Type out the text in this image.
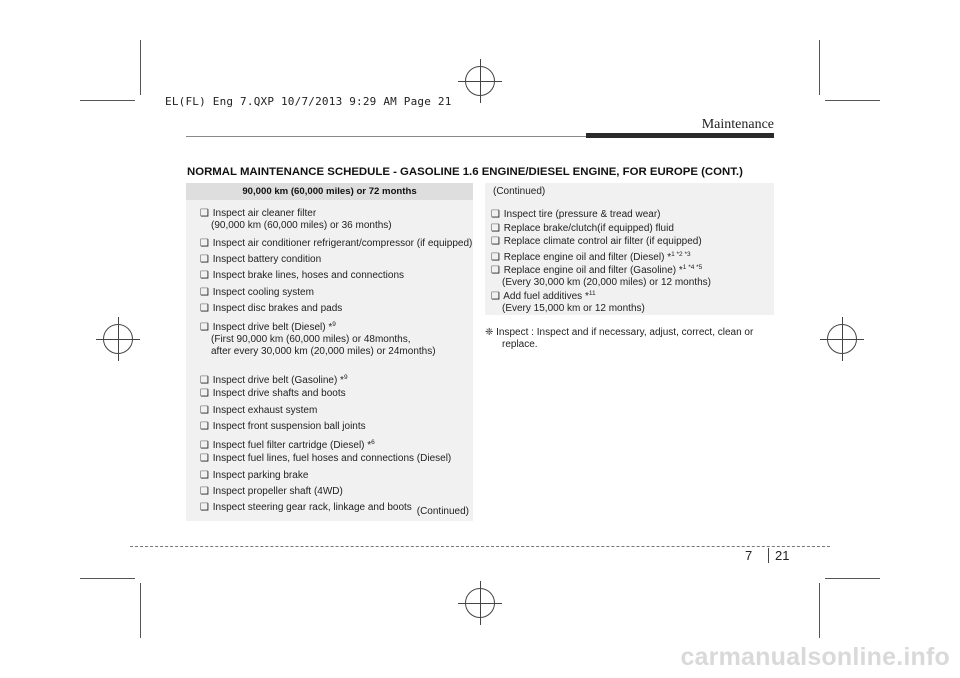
EL(FL) Eng 7.QXP 10/7/2013 9:29 AM Page 21
Maintenance
NORMAL MAINTENANCE SCHEDULE - GASOLINE 1.6 ENGINE/DIESEL ENGINE, FOR EUROPE (CONT.)
90,000 km (60,000 miles) or 72 months
❑ Inspect air cleaner filter
(90,000 km (60,000 miles) or 36 months)
❑ Inspect air conditioner refrigerant/compressor (if equipped)
❑ Inspect battery condition
❑ Inspect brake lines, hoses and connections
❑ Inspect cooling system
❑ Inspect disc brakes and pads
❑ Inspect drive belt (Diesel) *$^9$
(First 90,000 km (60,000 miles) or 48months,
after every 30,000 km (20,000 miles) or 24months)
❑ Inspect drive belt (Gasoline) *$^9$
❑ Inspect drive shafts and boots
❑ Inspect exhaust system
❑ Inspect front suspension ball joints
❑ Inspect fuel filter cartridge (Diesel) *$^6$
❑ Inspect fuel lines, fuel hoses and connections (Diesel)
❑ Inspect parking brake
❑ Inspect propeller shaft (4WD)
❑ Inspect steering gear rack, linkage and boots (Continued)
(Continued)
❑ Inspect tire (pressure & tread wear)
❑ Replace brake/clutch(if equipped) fluid
❑ Replace climate control air filter (if equipped)
❑ Replace engine oil and filter (Diesel) *$^{1 *2 *3}$
❑ Replace engine oil and filter (Gasoline) *$^{1 *4 *5}$
(Every 30,000 km (20,000 miles) or 12 months)
❑ Add fuel additives *$^{11}$
(Every 15,000 km or 12 months)
❈ Inspect : Inspect and if necessary, adjust, correct, clean or
replace.
7 21
carmanualsonline.info
